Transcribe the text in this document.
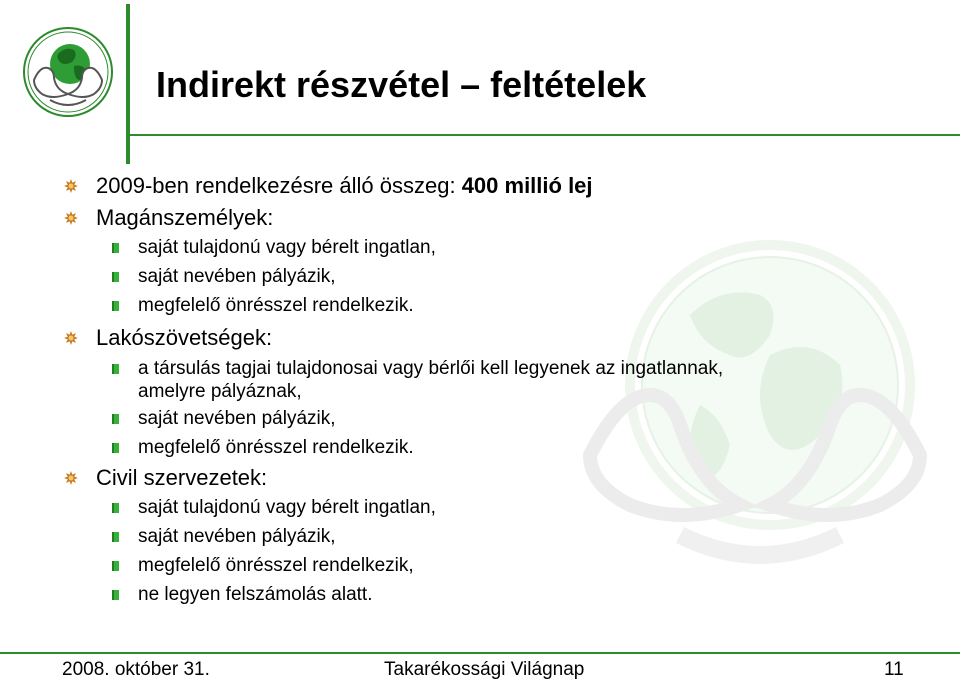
Indirekt részvétel – feltételek
2009-ben rendelkezésre álló összeg: 400 millió lej
Magánszemélyek:
saját tulajdonú vagy bérelt ingatlan,
saját nevében pályázik,
megfelelő önrésszel rendelkezik.
Lakószövetségek:
a társulás tagjai tulajdonosai vagy bérlői kell legyenek az ingatlannak,
amelyre pályáznak,
saját nevében pályázik,
megfelelő önrésszel rendelkezik.
Civil szervezetek:
saját tulajdonú vagy bérelt ingatlan,
saját nevében pályázik,
megfelelő önrésszel rendelkezik,
ne legyen felszámolás alatt.
2008. október 31.	Takarékossági Világnap	11
